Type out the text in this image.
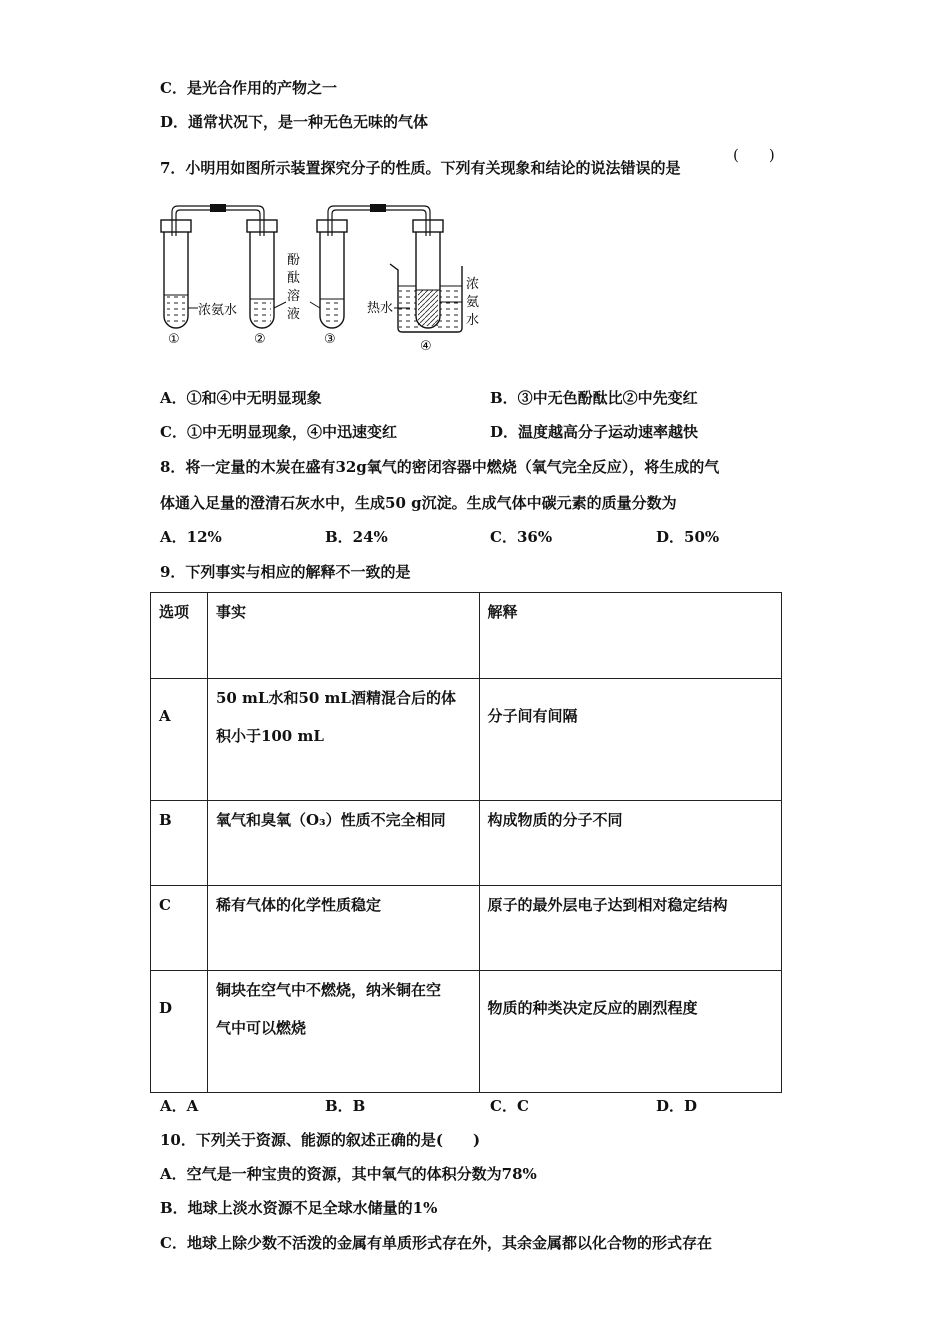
C．是光合作用的产物之一
D．通常状况下，是一种无色无味的气体
7．小明用如图所示装置探究分子的性质。下列有关现象和结论的说法错误的是
(　　)
浓氨水
酚
酞
溶
液	热水
浓
氨
水
①	②	③	④
A．①和④中无明显现象	B．③中无色酚酞比②中先变红
C．①中无明显现象，④中迅速变红	D．温度越高分子运动速率越快
8．将一定量的木炭在盛有32g氧气的密闭容器中燃烧（氧气完全反应），将生成的气
体通入足量的澄清石灰水中，生成50 g沉淀。生成气体中碳元素的质量分数为
A．12%	B．24%	C．36%	D．50%
9．下列事实与相应的解释不一致的是
选项	事实	解释
A	50 mL水和50 mL酒精混合后的体
积小于100 mL	分子间有间隔
B	氧气和臭氧（O₃）性质不完全相同	构成物质的分子不同
C	稀有气体的化学性质稳定	原子的最外层电子达到相对稳定结构
D	铜块在空气中不燃烧，纳米铜在空
气中可以燃烧	物质的种类决定反应的剧烈程度
A．A	B．B	C．C	D．D
10．下列关于资源、能源的叙述正确的是(　　)
A．空气是一种宝贵的资源，其中氧气的体积分数为78%
B．地球上淡水资源不足全球水储量的1%
C．地球上除少数不活泼的金属有单质形式存在外，其余金属都以化合物的形式存在
